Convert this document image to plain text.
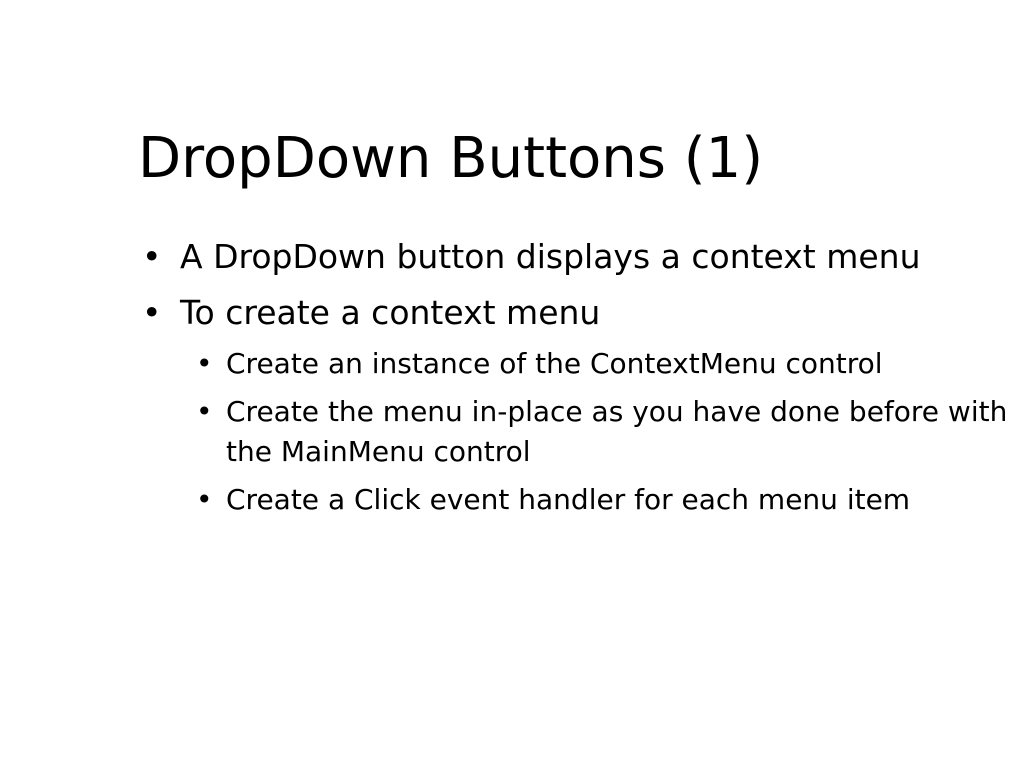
DropDown Buttons (1)
• A DropDown button displays a context menu
• To create a context menu
• Create an instance of the ContextMenu control
• Create the menu in-place as you have done before with the MainMenu control
• Create a Click event handler for each menu item
